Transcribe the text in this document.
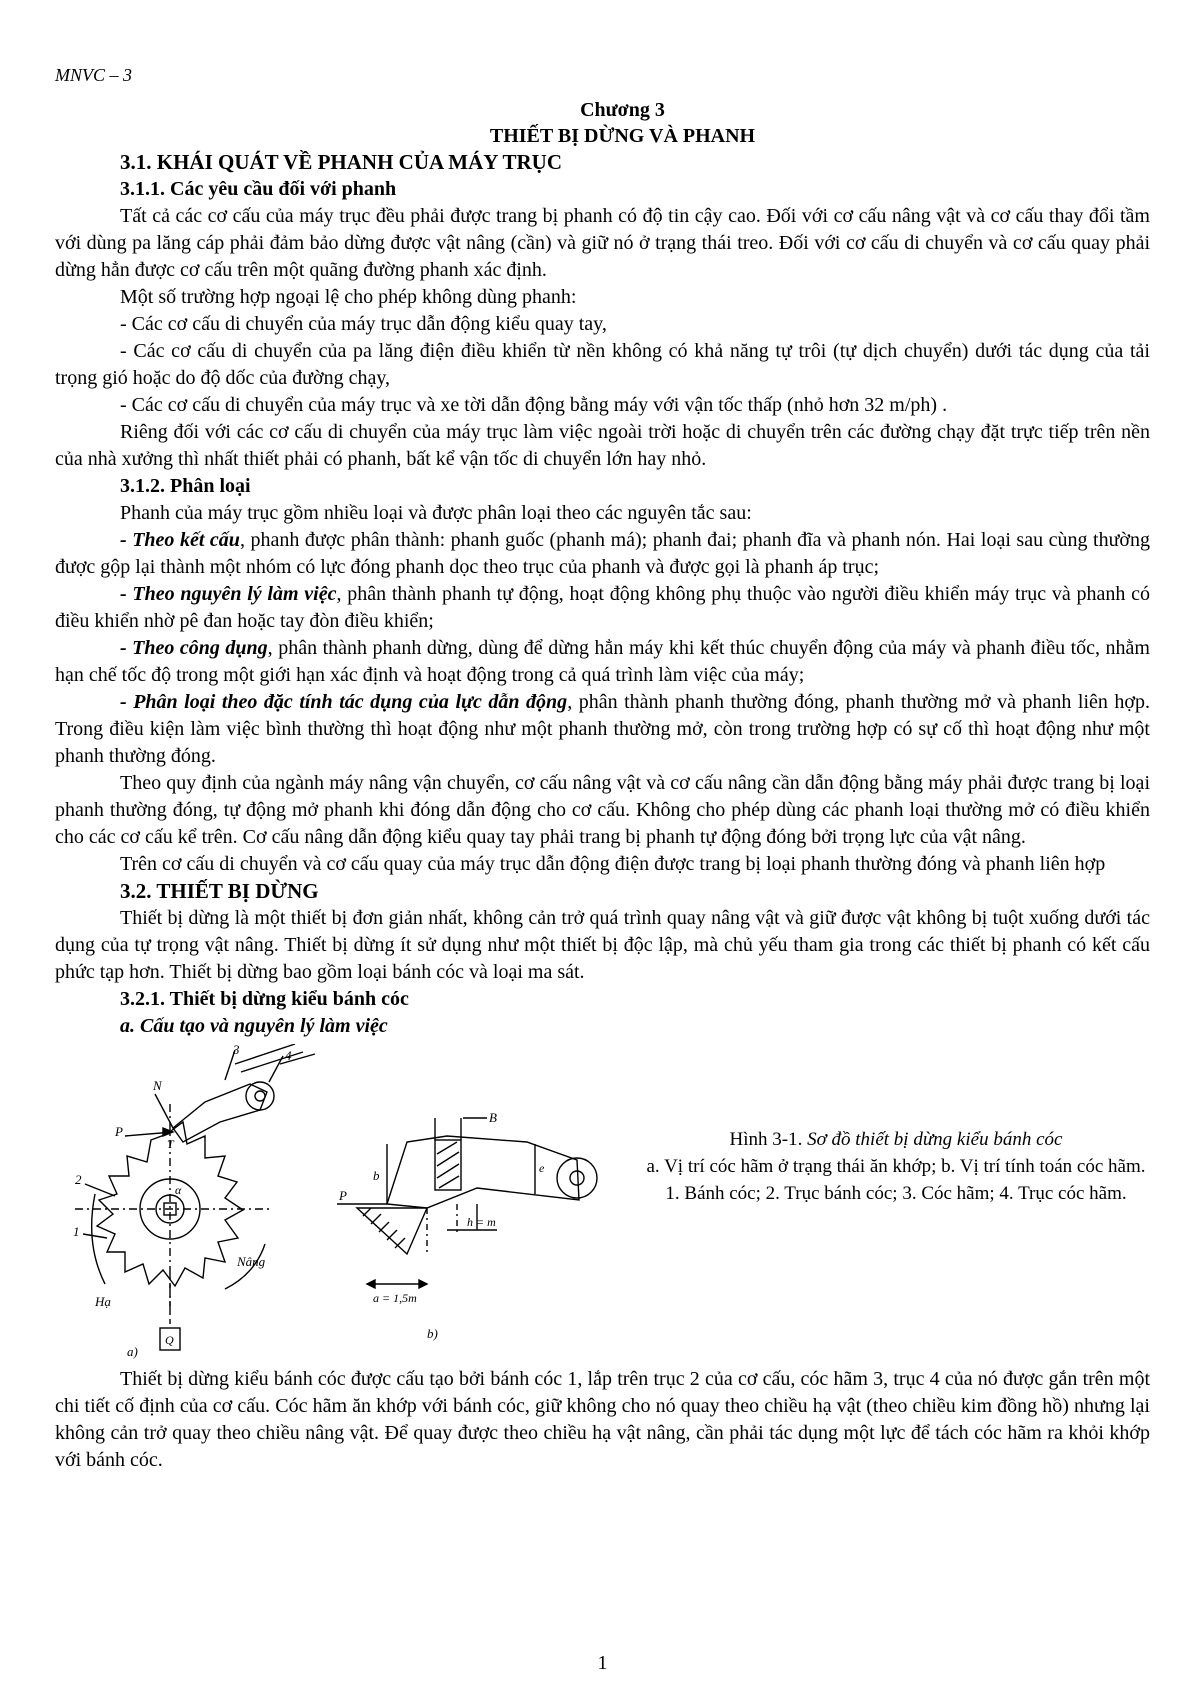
MNVC – 3
Chương 3
THIẾT BỊ DỪNG VÀ PHANH
3.1. KHÁI QUÁT VỀ PHANH CỦA MÁY TRỤC
3.1.1. Các yêu cầu đối với phanh

Tất cả các cơ cấu của máy trục đều phải được trang bị phanh có độ tin cậy cao. Đối với cơ cấu nâng vật và cơ cấu thay đổi tầm với dùng pa lăng cáp phải đảm bảo dừng được vật nâng (cần) và giữ nó ở trạng thái treo. Đối với cơ cấu di chuyển và cơ cấu quay phải dừng hẳn được cơ cấu trên một quãng đường phanh xác định.

Một số trường hợp ngoại lệ cho phép không dùng phanh:

- Các cơ cấu di chuyển của máy trục dẫn động kiểu quay tay,

- Các cơ cấu di chuyển của pa lăng điện điều khiển từ nền không có khả năng tự trôi (tự dịch chuyển) dưới tác dụng của tải trọng gió hoặc do độ dốc của đường chạy,

- Các cơ cấu di chuyển của máy trục và xe tời dẫn động bằng máy với vận tốc thấp (nhỏ hơn 32 m/ph) .

Riêng đối với các cơ cấu di chuyển của máy trục làm việc ngoài trời hoặc di chuyển trên các đường chạy đặt trực tiếp trên nền của nhà xưởng thì nhất thiết phải có phanh, bất kể vận tốc di chuyển lớn hay nhỏ.

3.1.2. Phân loại

Phanh của máy trục gồm nhiều loại và được phân loại theo các nguyên tắc sau:

- Theo kết cấu, phanh được phân thành: phanh guốc (phanh má); phanh đai; phanh đĩa và phanh nón. Hai loại sau cùng thường được gộp lại thành một nhóm có lực đóng phanh dọc theo trục của phanh và được gọi là phanh áp trục;

- Theo nguyên lý làm việc, phân thành phanh tự động, hoạt động không phụ thuộc vào người điều khiển máy trục và phanh có điều khiển nhờ pê đan hoặc tay đòn điều khiển;

- Theo công dụng, phân thành phanh dừng, dùng để dừng hẳn máy khi kết thúc chuyển động của máy và phanh điều tốc, nhằm hạn chế tốc độ trong một giới hạn xác định và hoạt động trong cả quá trình làm việc của máy;

- Phân loại theo đặc tính tác dụng của lực dẫn động, phân thành phanh thường đóng, phanh thường mở và phanh liên hợp. Trong điều kiện làm việc bình thường thì hoạt động như một phanh thường mở, còn trong trường hợp có sự cố thì hoạt động như một phanh thường đóng.

Theo quy định của ngành máy nâng vận chuyển, cơ cấu nâng vật và cơ cấu nâng cần dẫn động bằng máy phải được trang bị loại phanh thường đóng, tự động mở phanh khi đóng dẫn động cho cơ cấu. Không cho phép dùng các phanh loại thường mở có điều khiển cho các cơ cấu kể trên. Cơ cấu nâng dẫn động kiểu quay tay phải trang bị phanh tự động đóng bởi trọng lực của vật nâng.

Trên cơ cấu di chuyển và cơ cấu quay của máy trục dẫn động điện được trang bị loại phanh thường đóng và phanh liên hợp

3.2. THIẾT BỊ DỪNG

Thiết bị dừng là một thiết bị đơn giản nhất, không cản trở quá trình quay nâng vật và giữ được vật không bị tuột xuống dưới tác dụng của tự trọng vật nâng. Thiết bị dừng ít sử dụng như một thiết bị độc lập, mà chủ yếu tham gia trong các thiết bị phanh có kết cấu phức tạp hơn. Thiết bị dừng bao gồm loại bánh cóc và loại ma sát.

3.2.1. Thiết bị dừng kiểu bánh cóc
a. Cấu tạo và nguyên lý làm việc
3	4
N
P
T
2
1
α
Hạ
Nâng
Q
a)
B
b
P
e
h = m
a = 1,5m
b)
Hình 3-1. Sơ đồ thiết bị dừng kiểu bánh cóc
a. Vị trí cóc hãm ở trạng thái ăn khớp; b. Vị trí tính toán cóc hãm.
1. Bánh cóc; 2. Trục bánh cóc; 3. Cóc hãm; 4. Trục cóc hãm.

Thiết bị dừng kiểu bánh cóc được cấu tạo bởi bánh cóc 1, lắp trên trục 2 của cơ cấu, cóc hãm 3, trục 4 của nó được gắn trên một chi tiết cố định của cơ cấu. Cóc hãm ăn khớp với bánh cóc, giữ không cho nó quay theo chiều hạ vật (theo chiều kim đồng hồ) nhưng lại không cản trở quay theo chiều nâng vật. Để quay được theo chiều hạ vật nâng, cần phải tác dụng một lực để tách cóc hãm ra khỏi khớp với bánh cóc.

1
